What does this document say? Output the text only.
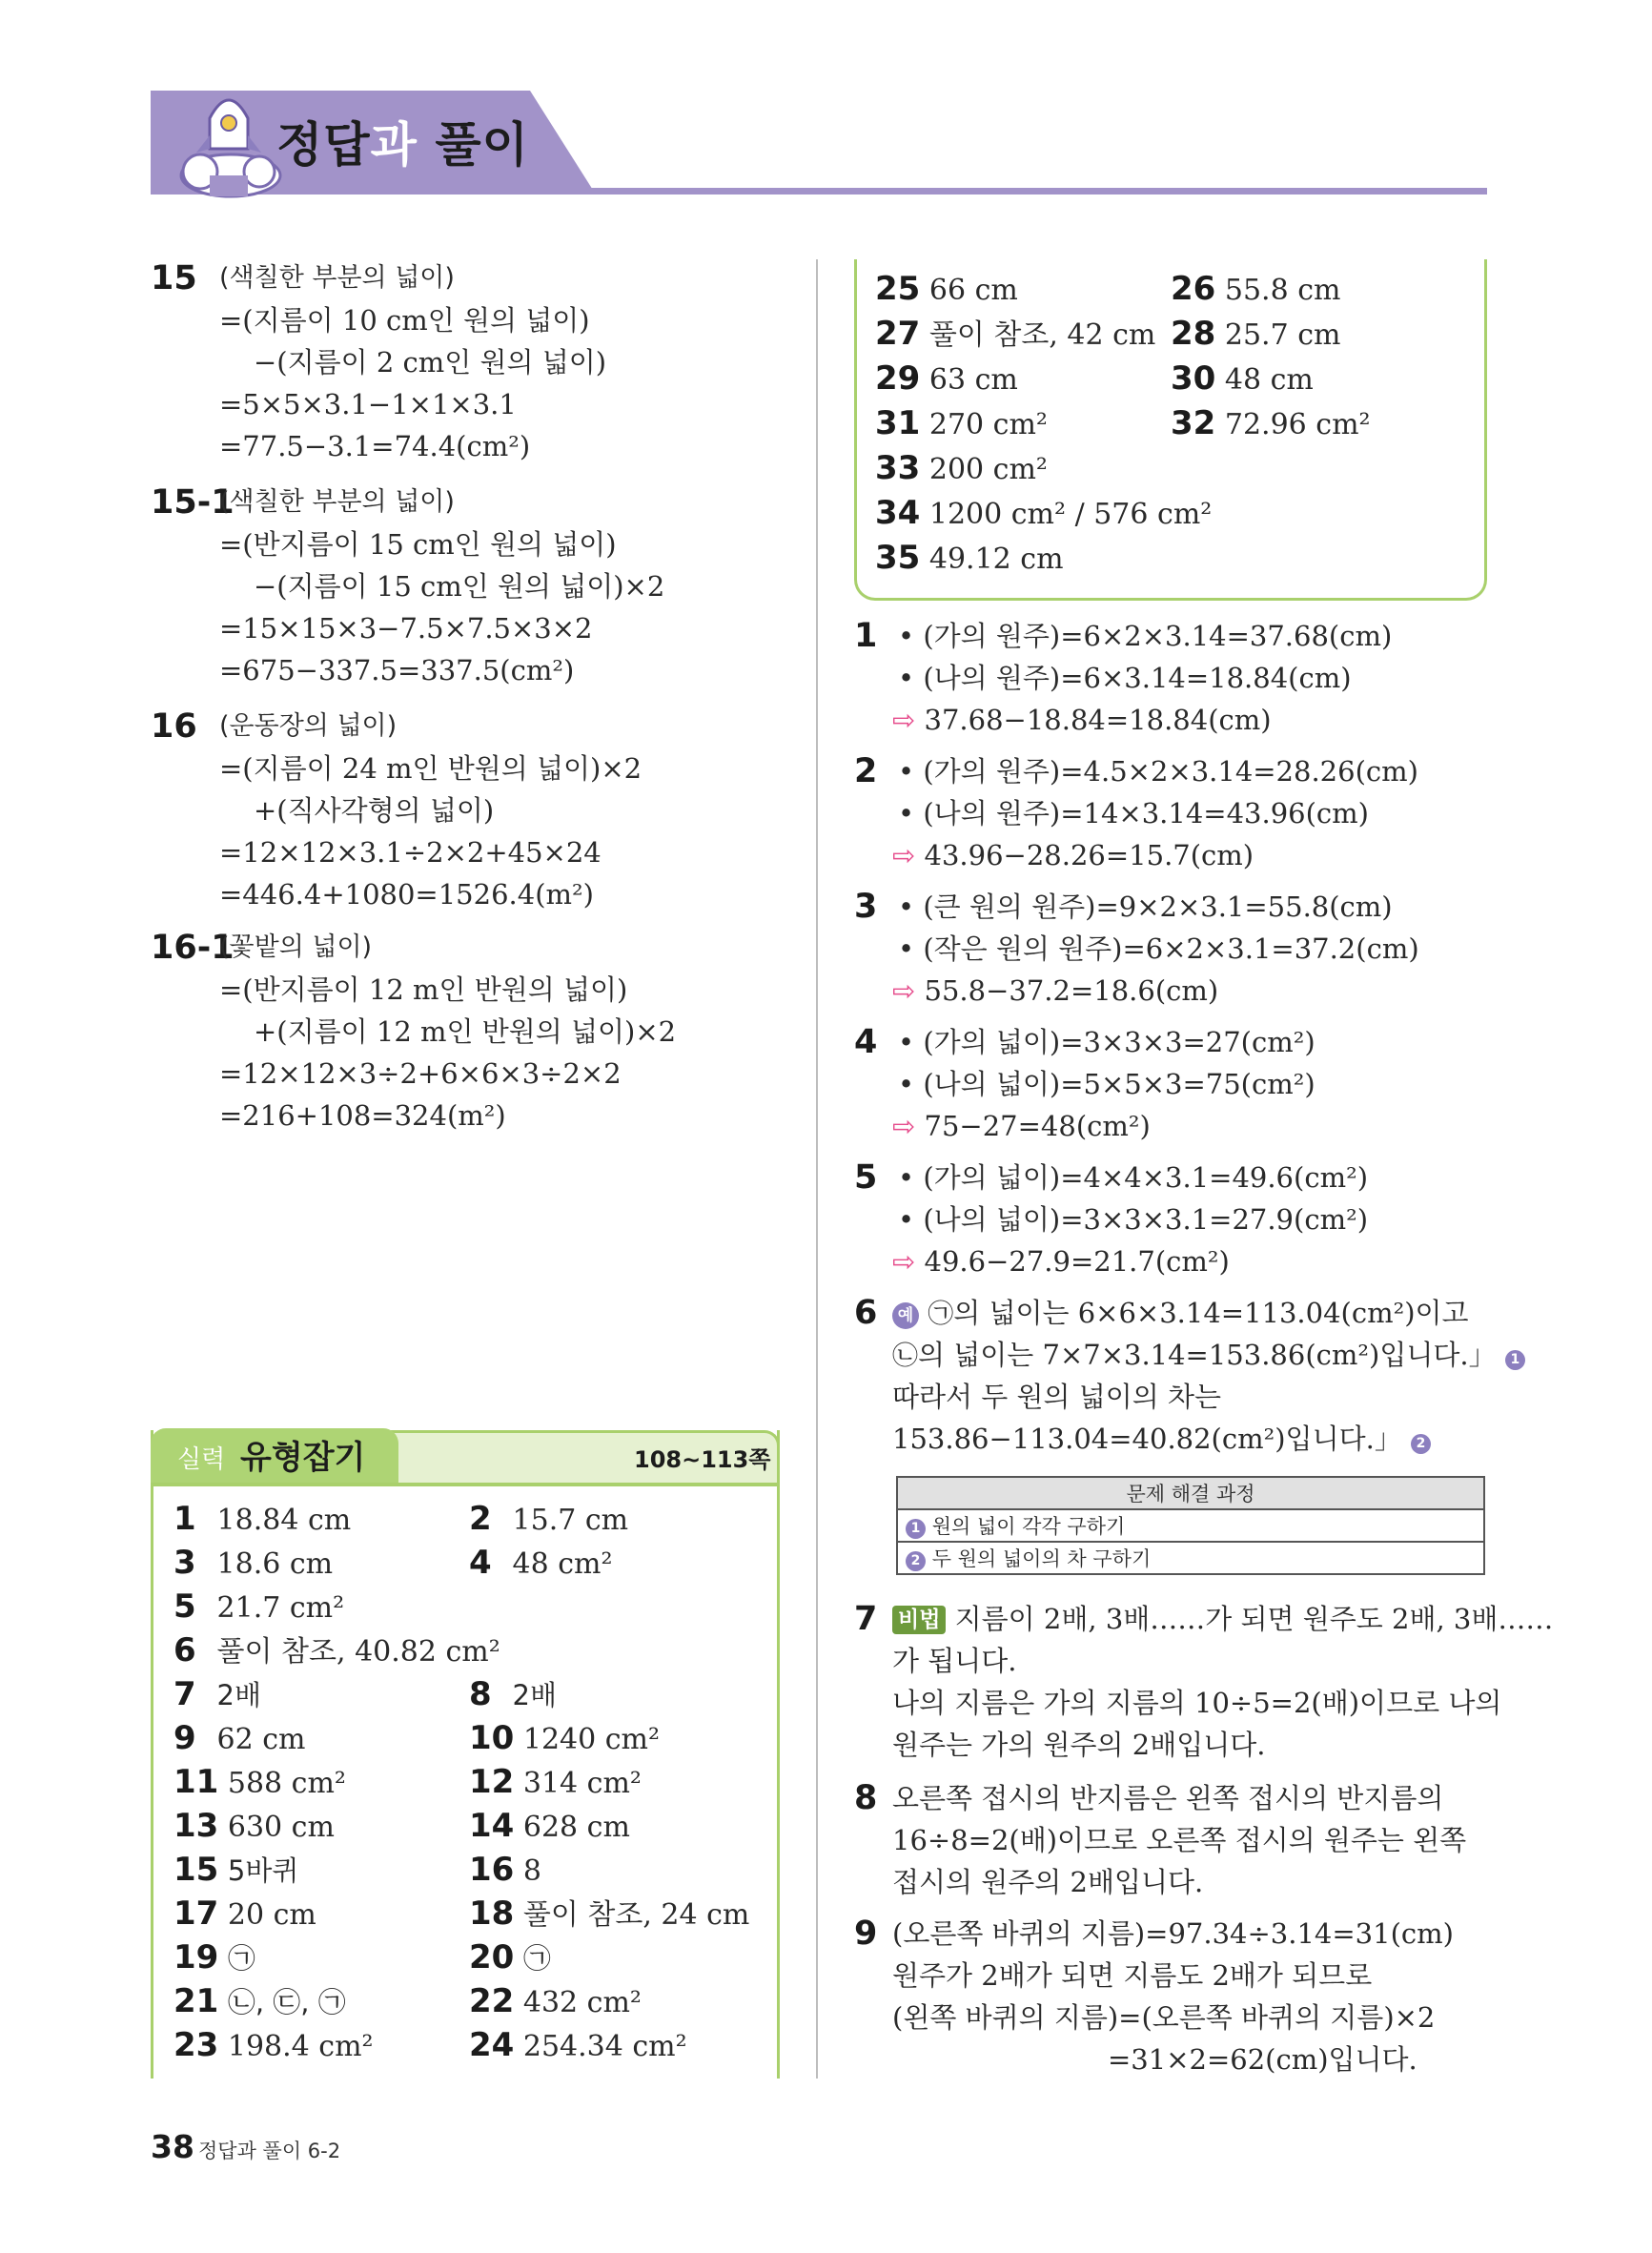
정답과 풀이
15 (색칠한 부분의 넓이)
=(지름이 10 cm인 원의 넓이)
−(지름이 2 cm인 원의 넓이)
=5×5×3.1−1×1×3.1
=77.5−3.1=74.4(cm²)
15-1
(색칠한 부분의 넓이)
=(반지름이 15 cm인 원의 넓이)
−(지름이 15 cm인 원의 넓이)×2
=15×15×3−7.5×7.5×3×2
=675−337.5=337.5(cm²)
16 (운동장의 넓이)
=(지름이 24 m인 반원의 넓이)×2
+(직사각형의 넓이)
=12×12×3.1÷2×2+45×24
=446.4+1080=1526.4(m²)
16-1
(꽃밭의 넓이)
=(반지름이 12 m인 반원의 넓이)
+(지름이 12 m인 반원의 넓이)×2
=12×12×3÷2+6×6×3÷2×2
=216+108=324(m²)
실력 유형잡기	108~113쪽
1 18.84 cm	2 15.7 cm
3 18.6 cm	4 48 cm²
5 21.7 cm²
6 풀이 참조, 40.82 cm²
7 2배	8 2배
9 62 cm	10 1240 cm²
11 588 cm²	12 314 cm²
13 630 cm	14 628 cm
15 5바퀴	16 8
17 20 cm	18 풀이 참조, 24 cm
19 ㉠	20 ㉠
21 ㉡, ㉢, ㉠	22 432 cm²
23 198.4 cm²	24 254.34 cm²
25 66 cm	26 55.8 cm
27 풀이 참조, 42 cm 28 25.7 cm
29 63 cm	30 48 cm
31 270 cm²	32 72.96 cm²
33 200 cm²
34 1200 cm² / 576 cm²
35 49.12 cm
1 • (가의 원주)=6×2×3.14=37.68(cm)
• (나의 원주)=6×3.14=18.84(cm)
⇨ 37.68−18.84=18.84(cm)
2 • (가의 원주)=4.5×2×3.14=28.26(cm)
• (나의 원주)=14×3.14=43.96(cm)
⇨ 43.96−28.26=15.7(cm)
3 • (큰 원의 원주)=9×2×3.1=55.8(cm)
• (작은 원의 원주)=6×2×3.1=37.2(cm)
⇨ 55.8−37.2=18.6(cm)
4 • (가의 넓이)=3×3×3=27(cm²)
• (나의 넓이)=5×5×3=75(cm²)
⇨ 75−27=48(cm²)
5 • (가의 넓이)=4×4×3.1=49.6(cm²)
• (나의 넓이)=3×3×3.1=27.9(cm²)
⇨ 49.6−27.9=21.7(cm²)
6	예 ㉠의 넓이는 6×6×3.14=113.04(cm²)이고
㉡의 넓이는 7×7×3.14=153.86(cm²)입니다.」 1
따라서 두 원의 넓이의 차는
153.86−113.04=40.82(cm²)입니다.」 2
문제 해결 과정
1 원의 넓이 각각 구하기
2 두 원의 넓이의 차 구하기
7 비법 지름이 2배, 3배……가 되면 원주도 2배, 3배……
가 됩니다.
나의 지름은 가의 지름의 10÷5=2(배)이므로 나의
원주는 가의 원주의 2배입니다.
8 오른쪽 접시의 반지름은 왼쪽 접시의 반지름의
16÷8=2(배)이므로 오른쪽 접시의 원주는 왼쪽
접시의 원주의 2배입니다.
9 (오른쪽 바퀴의 지름)=97.34÷3.14=31(cm)
원주가 2배가 되면 지름도 2배가 되므로
(왼쪽 바퀴의 지름)=(오른쪽 바퀴의 지름)×2
=31×2=62(cm)입니다.
38 정답과 풀이 6-2
